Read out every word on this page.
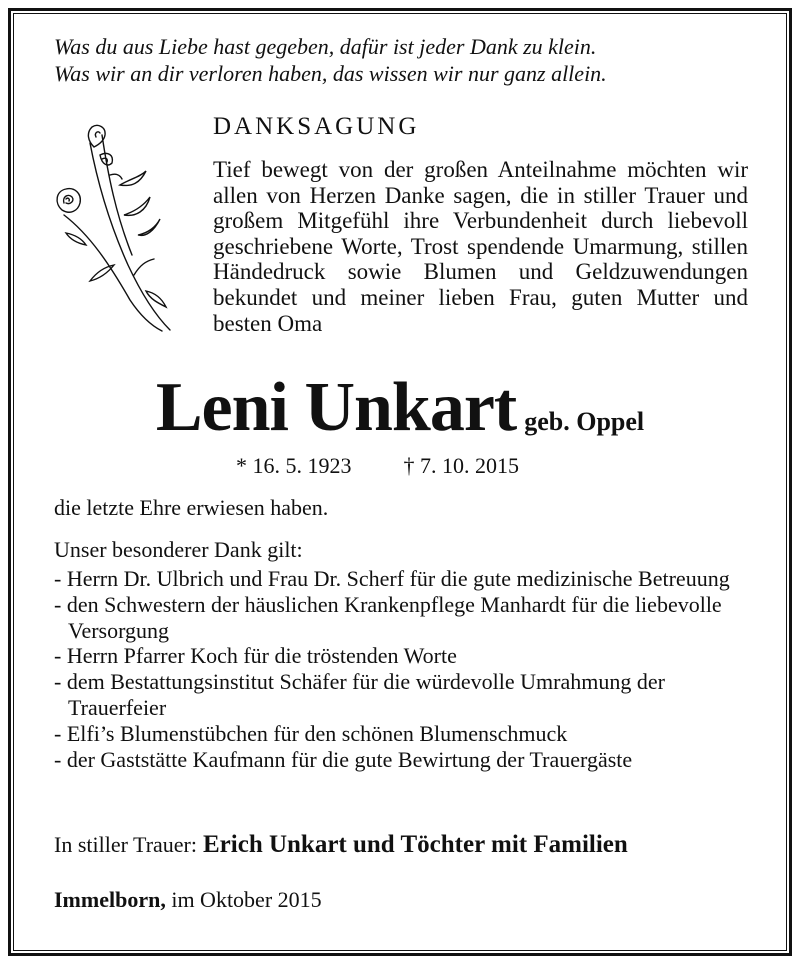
Was du aus Liebe hast gegeben, dafür ist jeder Dank zu klein.
Was wir an dir verloren haben, das wissen wir nur ganz allein.
DANKSAGUNG
Tief bewegt von der großen Anteilnahme möchten wir allen von Herzen Danke sagen, die in stiller Trauer und großem Mitgefühl ihre Verbundenheit durch liebevoll geschriebene Worte, Trost spendende Umarmung, stillen Händedruck sowie Blumen und Geldzuwendungen bekundet und meiner lieben Frau, guten Mutter und besten Oma
Leni Unkart geb. Oppel
* 16. 5. 1923 † 7. 10. 2015
die letzte Ehre erwiesen haben.
Unser besonderer Dank gilt:
- Herrn Dr. Ulbrich und Frau Dr. Scherf für die gute medizinische Betreuung
- den Schwestern der häuslichen Krankenpflege Manhardt für die liebevolle Versorgung
- Herrn Pfarrer Koch für die tröstenden Worte
- dem Bestattungsinstitut Schäfer für die würdevolle Umrahmung der Trauerfeier
- Elfi’s Blumenstübchen für den schönen Blumenschmuck
- der Gaststätte Kaufmann für die gute Bewirtung der Trauergäste
In stiller Trauer: Erich Unkart und Töchter mit Familien
Immelborn, im Oktober 2015
